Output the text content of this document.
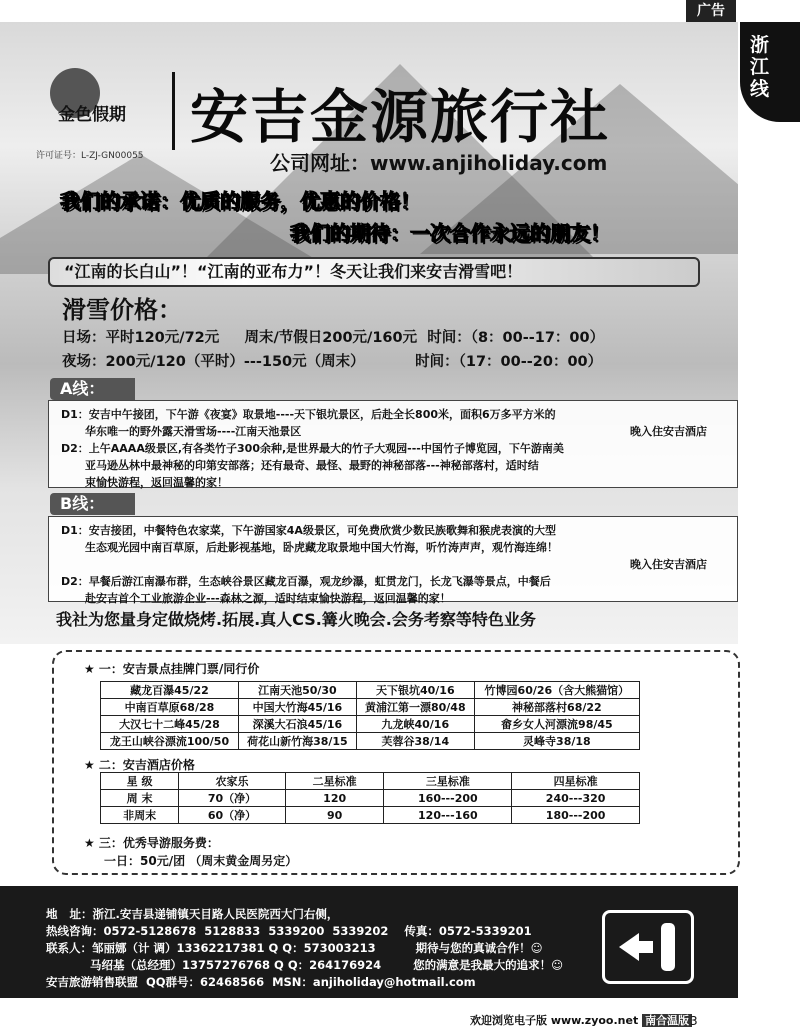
广告
浙
江
线
金色假期
许可证号：L-ZJ-GN00055
安吉金源旅行社
公司网址：www.anjiholiday.com
我们的承诺：优质的服务，优惠的价格！
我们的期待：一次合作永远的朋友！
“江南的长白山”！“江南的亚布力”！冬天让我们来安吉滑雪吧！
滑雪价格：
日场：平时120元/72元     周末/节假日200元/160元  时间：（8：00--17：00）
夜场：200元/120（平时）---150元（周末）          时间：（17：00--20：00）
A线：

D1：安吉中午接团，下午游《夜宴》取景地----天下银坑景区，后赴全长800米，面积6万多平方米的

华东唯一的野外露天滑雪场----江南天池景区	晚入住安吉酒店

D2：上午AAAA级景区,有各类竹子300余种,是世界最大的竹子大观园---中国竹子博览园，下午游南美

亚马逊丛林中最神秘的印第安部落；还有最奇、最怪、最野的神秘部落---神秘部落村，适时结

束愉快游程，返回温馨的家！

B线：

D1：安吉接团，中餐特色农家菜，下午游国家4A级景区，可免费欣赏少数民族歌舞和猴虎表演的大型

生态观光园中南百草原，后赴影视基地，卧虎藏龙取景地中国大竹海，听竹涛声声，观竹海连绵！

晚入住安吉酒店

D2：早餐后游江南瀑布群，生态峡谷景区藏龙百瀑，观龙纱瀑，虹贯龙门，长龙飞瀑等景点，中餐后

赴安吉首个工业旅游企业---森林之源，适时结束愉快游程，返回温馨的家！

我社为您量身定做烧烤.拓展.真人CS.篝火晚会.会务考察等特色业务
★ 一：安吉景点挂牌门票/同行价
藏龙百瀑45/22	江南天池50/30	天下银坑40/16	竹博园60/26（含大熊猫馆）
中南百草原68/28	中国大竹海45/16	黄浦江第一漂80/48	神秘部落村68/22
大汉七十二峰45/28	深溪大石浪45/16	九龙峡40/16	畲乡女人河漂流98/45
龙王山峡谷漂流100/50	荷花山新竹海38/15	芙蓉谷38/14	灵峰寺38/18
★ 二：安吉酒店价格
星 级	农家乐	二星标准	三星标准	四星标准
周 末	70（净）	120	160---200	240---320
非周末	60（净）	90	120---160	180---200
★ 三：优秀导游服务费：
一日：50元/团 （周末黄金周另定）

地   址：浙江.安吉县递铺镇天目路人民医院西大门右侧，

热线咨询：0572-5128678  5128833  5339200  5339202    传真：0572-5339201

联系人：邹丽娜（计 调）13362217381 Q Q：573003213          期待与您的真诚合作！☺

马绍基（总经理）13757276768 Q Q：264176924        您的满意是我最大的追求！☺

安吉旅游销售联盟  QQ群号：62468566  MSN：anjiholiday@hotmail.com

欢迎浏览电子版 www.zyoo.net 南合温版 3
